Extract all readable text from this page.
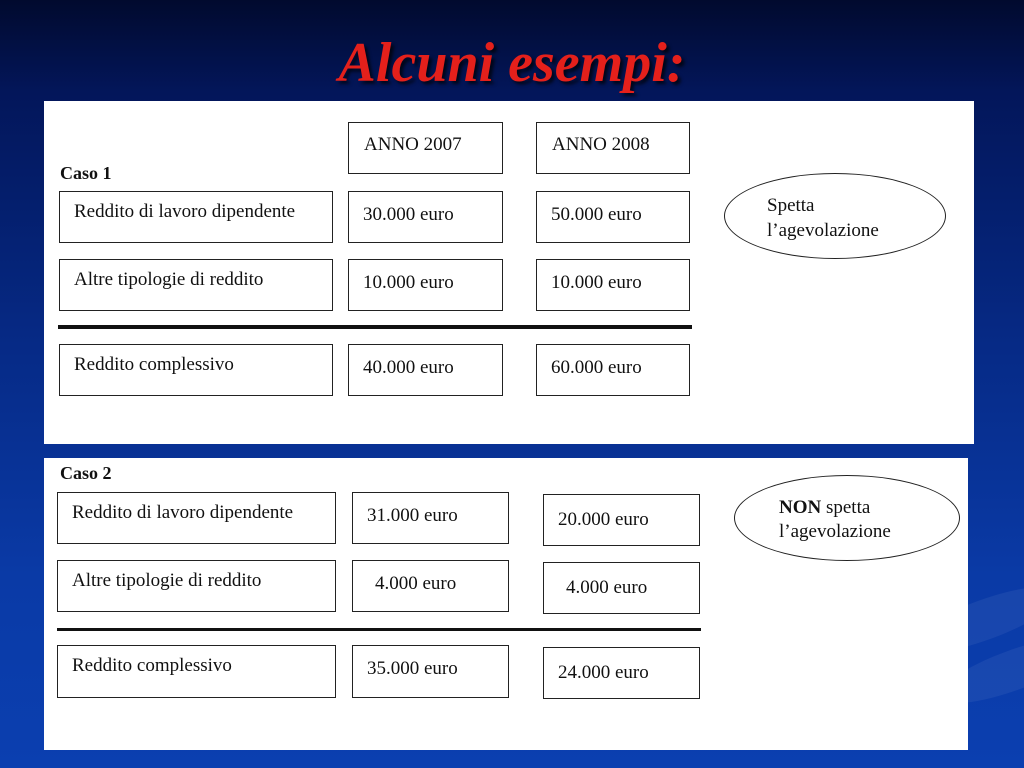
Alcuni esempi:
ANNO 2007	ANNO 2008
Caso 1
Reddito di lavoro dipendente	30.000 euro	50.000 euro
Altre tipologie di reddito	10.000 euro	10.000 euro
Reddito complessivo	40.000 euro	60.000 euro
Spetta
l’agevolazione
Caso 2
Reddito di lavoro dipendente	31.000 euro	20.000 euro
Altre tipologie di reddito	4.000 euro	4.000 euro
Reddito complessivo	35.000 euro	24.000 euro
NON spetta
l’agevolazione
